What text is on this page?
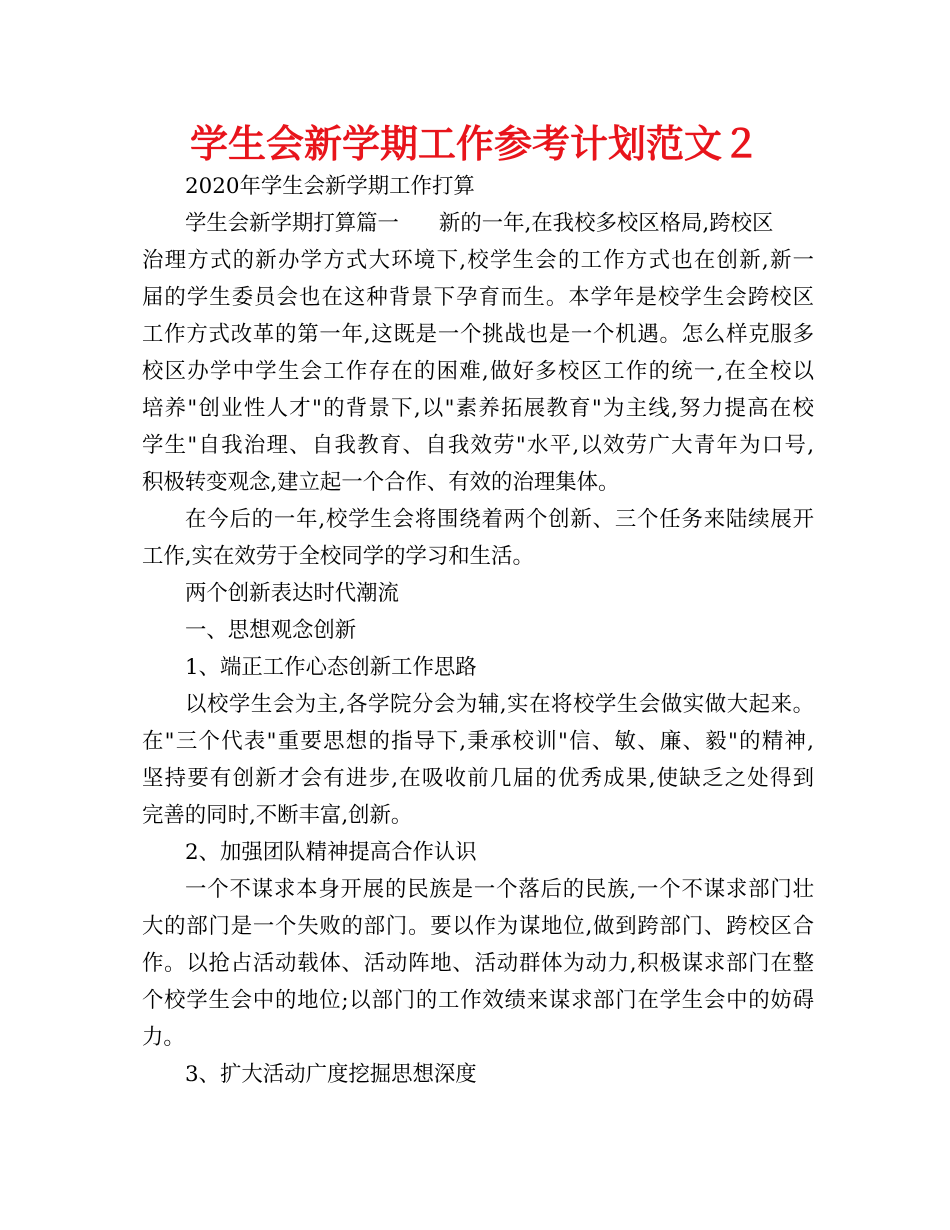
学生会新学期工作参考计划范文２

2020年学生会新学期工作打算

学生会新学期打算篇一 新的一年,在我校多校区格局,跨校区

治理方式的新办学方式大环境下,校学生会的工作方式也在创新,新一

届的学生委员会也在这种背景下孕育而生。本学年是校学生会跨校区

工作方式改革的第一年,这既是一个挑战也是一个机遇。怎么样克服多

校区办学中学生会工作存在的困难,做好多校区工作的统一,在全校以

培养"创业性人才"的背景下,以"素养拓展教育"为主线,努力提高在校

学生"自我治理、自我教育、自我效劳"水平,以效劳广大青年为口号,

积极转变观念,建立起一个合作、有效的治理集体。

在今后的一年,校学生会将围绕着两个创新、三个任务来陆续展开

工作,实在效劳于全校同学的学习和生活。

两个创新表达时代潮流

一、思想观念创新

1、端正工作心态创新工作思路

以校学生会为主,各学院分会为辅,实在将校学生会做实做大起来。

在"三个代表"重要思想的指导下,秉承校训"信、敏、廉、毅"的精神,

坚持要有创新才会有进步,在吸收前几届的优秀成果,使缺乏之处得到

完善的同时,不断丰富,创新。

2、加强团队精神提高合作认识

一个不谋求本身开展的民族是一个落后的民族,一个不谋求部门壮

大的部门是一个失败的部门。要以作为谋地位,做到跨部门、跨校区合

作。以抢占活动载体、活动阵地、活动群体为动力,积极谋求部门在整

个校学生会中的地位;以部门的工作效绩来谋求部门在学生会中的妨碍

力。

3、扩大活动广度挖掘思想深度
